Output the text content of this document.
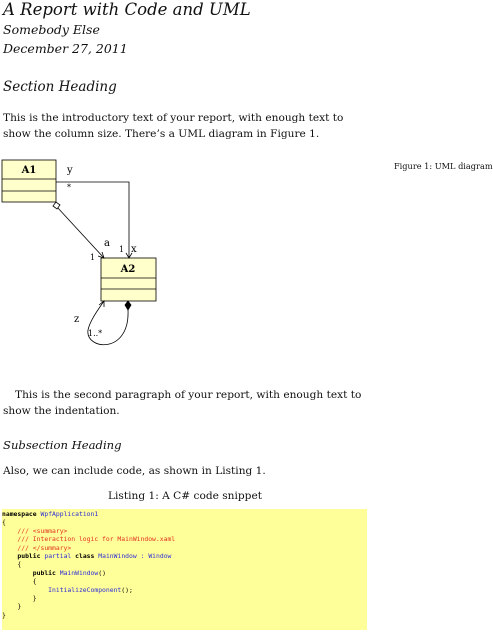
A Report with Code and UML
Somebody Else
December 27, 2011
Section Heading

This is the introductory text of your report, with enough text to show the column size. There’s a UML diagram in Figure 1.

A1
A2
y
*
a
1
1 x
z
1..*
Figure 1: UML diagram

This is the second paragraph of your report, with enough text to show the indentation.

Subsection Heading

Also, we can include code, as shown in Listing 1.

Listing 1: A C# code snippet
namespace WpfApplication1
{
/// <summary>
/// Interaction logic for MainWindow.xaml
/// </summary>
public partial class MainWindow : Window
{
public MainWindow()
{
InitializeComponent();
}
}
}
